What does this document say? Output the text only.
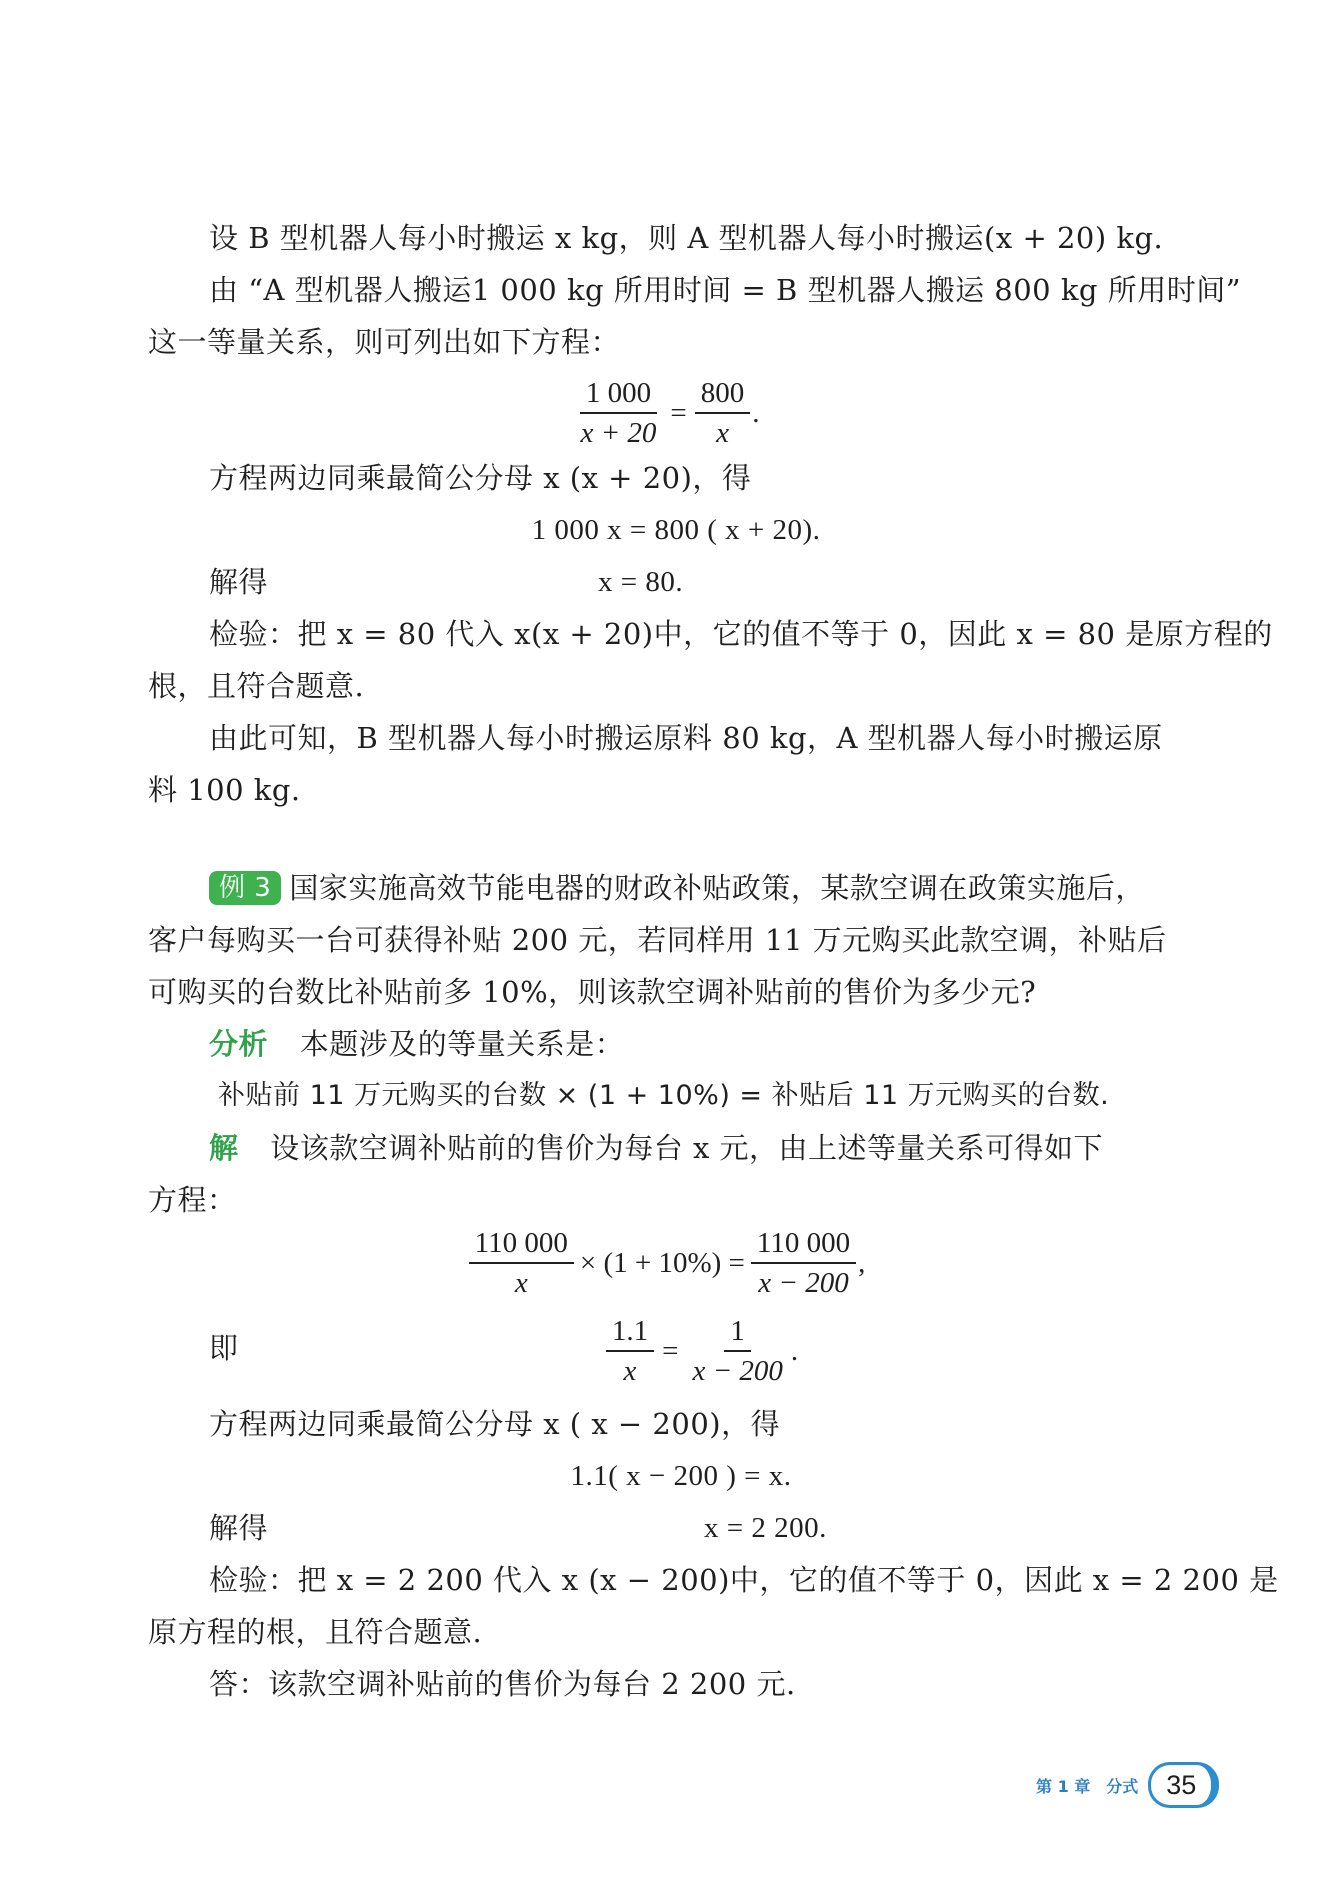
设 B 型机器人每小时搬运 x kg，则 A 型机器人每小时搬运(x + 20) kg.
由 “A 型机器人搬运1 000 kg 所用时间 = B 型机器人搬运 800 kg 所用时间”
这一等量关系，则可列出如下方程：
$\frac{1 000}{x + 20} = \frac{800}{x}$ .
方程两边同乘最简公分母 x (x + 20)，得
1 000 x = 800 ( x + 20).
解得	x = 80.
检验：把 x = 80 代入 x(x + 20)中，它的值不等于 0，因此 x = 80 是原方程的
根，且符合题意.
由此可知，B 型机器人每小时搬运原料 80 kg，A 型机器人每小时搬运原
料 100 kg.
例 3 国家实施高效节能电器的财政补贴政策，某款空调在政策实施后，
客户每购买一台可获得补贴 200 元，若同样用 11 万元购买此款空调，补贴后
可购买的台数比补贴前多 10%，则该款空调补贴前的售价为多少元?
分析 本题涉及的等量关系是：
补贴前 11 万元购买的台数 × (1 + 10%) = 补贴后 11 万元购买的台数.
解 设该款空调补贴前的售价为每台 x 元，由上述等量关系可得如下
方程：
$\frac{110 000}{x} \times (1 + 10\%) = \frac{110 000}{x - 200}$ ,
即	$\frac{1.1}{x} = \frac{1}{x - 200}$ .
方程两边同乘最简公分母 x ( x − 200)，得
1.1( x − 200 ) = x.
解得	x = 2 200.
检验：把 x = 2 200 代入 x (x − 200)中，它的值不等于 0，因此 x = 2 200 是
原方程的根，且符合题意.
答：该款空调补贴前的售价为每台 2 200 元.
第 1 章　分式	35
